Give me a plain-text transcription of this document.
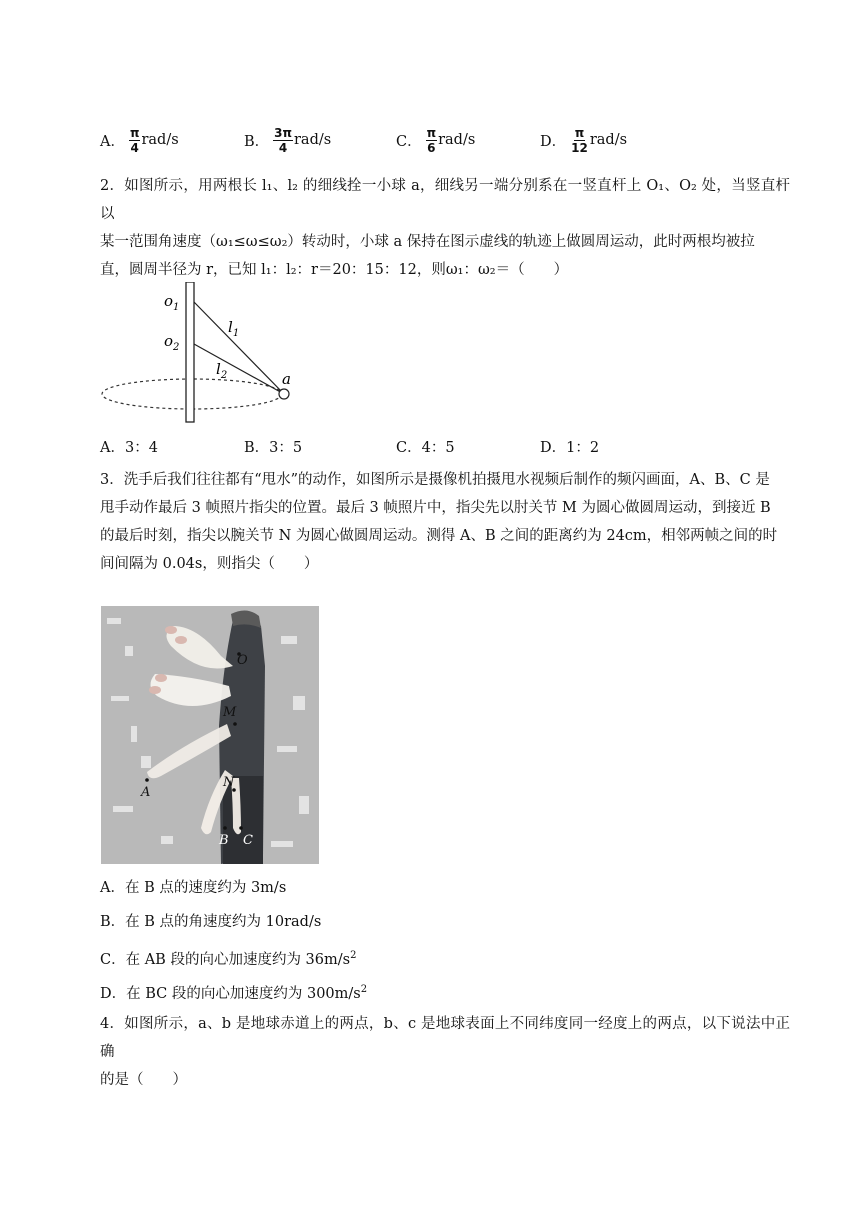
A． $\frac{\pi}{4} rad/s$	B． $\frac{3\pi}{4} rad/s$	C． $\frac{\pi}{6} rad/s$	D． $\frac{\pi}{12} rad/s$
2．如图所示，用两根长 l₁、l₂ 的细线拴一小球 a，细线另一端分别系在一竖直杆上 O₁、O₂ 处，当竖直杆以
某一范围角速度（ω₁≤ω≤ω₂）转动时，小球 a 保持在图示虚线的轨迹上做圆周运动，此时两根均被拉
直，圆周半径为 r，已知 l₁：l₂：r＝20：15：12，则ω₁：ω₂＝（　　）
$o_1$
$o_2$
$l_1$
$l_2$	a
A．3：4	B．3：5	C．4：5	D．1：2
3．洗手后我们往往都有“甩水”的动作，如图所示是摄像机拍摄甩水视频后制作的频闪画面，A、B、C 是
甩手动作最后 3 帧照片指尖的位置。最后 3 帧照片中，指尖先以肘关节 M 为圆心做圆周运动，到接近 B
的最后时刻，指尖以腕关节 N 为圆心做圆周运动。测得 A、B 之间的距离约为 24cm，相邻两帧之间的时
间间隔为 0.04s，则指尖（　　）
O
M
N
A
B C
A．在 B 点的速度约为 3m/s
B．在 B 点的角速度约为 10rad/s
C．在 AB 段的向心加速度约为 $36m/s^2$
D．在 BC 段的向心加速度约为 $300m/s^2$
4．如图所示，a、b 是地球赤道上的两点，b、c 是地球表面上不同纬度同一经度上的两点，以下说法中正确
的是（　　）
